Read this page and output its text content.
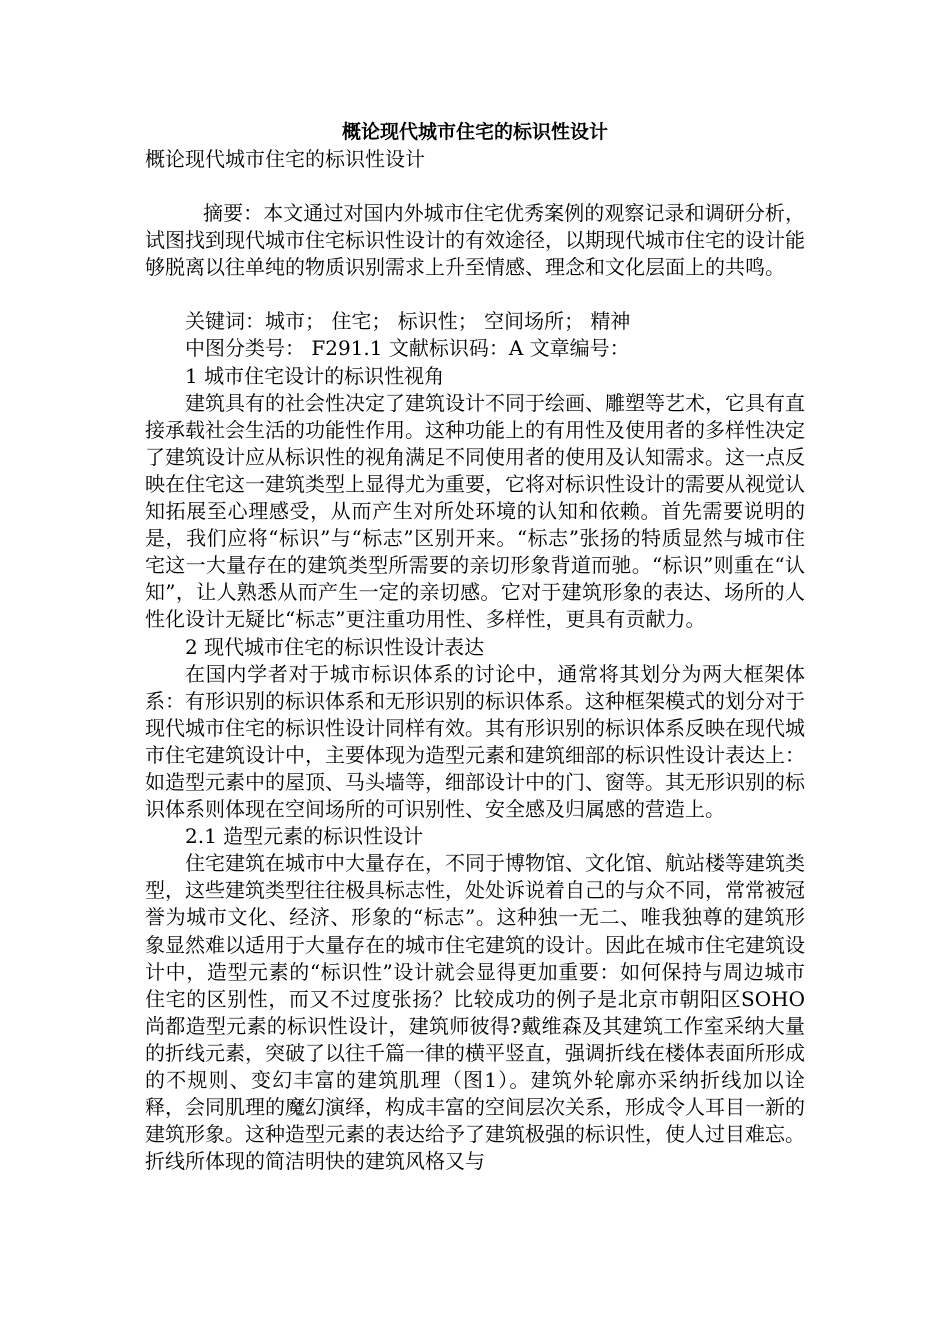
概论现代城市住宅的标识性设计

概论现代城市住宅的标识性设计

摘要：本文通过对国内外城市住宅优秀案例的观察记录和调研分析，试图找到现代城市住宅标识性设计的有效途径，以期现代城市住宅的设计能够脱离以往单纯的物质识别需求上升至情感、理念和文化层面上的共鸣。

关键词：城市； 住宅； 标识性； 空间场所； 精神

中图分类号： F291.1 文献标识码：A 文章编号：

1 城市住宅设计的标识性视角

建筑具有的社会性决定了建筑设计不同于绘画、雕塑等艺术，它具有直接承载社会生活的功能性作用。这种功能上的有用性及使用者的多样性决定了建筑设计应从标识性的视角满足不同使用者的使用及认知需求。这一点反映在住宅这一建筑类型上显得尤为重要，它将对标识性设计的需要从视觉认知拓展至心理感受，从而产生对所处环境的认知和依赖。首先需要说明的是，我们应将“标识”与“标志”区别开来。“标志”张扬的特质显然与城市住宅这一大量存在的建筑类型所需要的亲切形象背道而驰。“标识”则重在“认知”，让人熟悉从而产生一定的亲切感。它对于建筑形象的表达、场所的人性化设计无疑比“标志”更注重功用性、多样性，更具有贡献力。

2 现代城市住宅的标识性设计表达

在国内学者对于城市标识体系的讨论中，通常将其划分为两大框架体系：有形识别的标识体系和无形识别的标识体系。这种框架模式的划分对于现代城市住宅的标识性设计同样有效。其有形识别的标识体系反映在现代城市住宅建筑设计中，主要体现为造型元素和建筑细部的标识性设计表达上：如造型元素中的屋顶、马头墙等，细部设计中的门、窗等。其无形识别的标识体系则体现在空间场所的可识别性、安全感及归属感的营造上。

2.1 造型元素的标识性设计

住宅建筑在城市中大量存在，不同于博物馆、文化馆、航站楼等建筑类型，这些建筑类型往往极具标志性，处处诉说着自己的与众不同，常常被冠誉为城市文化、经济、形象的“标志”。这种独一无二、唯我独尊的建筑形象显然难以适用于大量存在的城市住宅建筑的设计。因此在城市住宅建筑设计中，造型元素的“标识性”设计就会显得更加重要：如何保持与周边城市住宅的区别性，而又不过度张扬？比较成功的例子是北京市朝阳区SOHO 尚都造型元素的标识性设计，建筑师彼得?戴维森及其建筑工作室采纳大量的折线元素，突破了以往千篇一律的横平竖直，强调折线在楼体表面所形成的不规则、变幻丰富的建筑肌理（图1）。建筑外轮廓亦采纳折线加以诠释，会同肌理的魔幻演绎，构成丰富的空间层次关系，形成令人耳目一新的建筑形象。这种造型元素的表达给予了建筑极强的标识性，使人过目难忘。折线所体现的简洁明快的建筑风格又与
